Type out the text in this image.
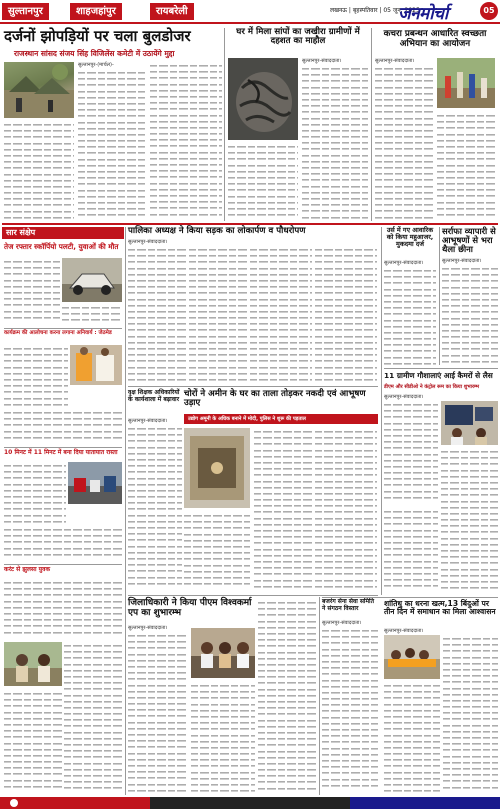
सुल्तानपुर	शाहजहांपुर	रायबरेली	लखनऊ | बृहस्पतिवार | 05 जून, 2025
जनमोर्चा	05
दर्जनों झोपड़ियों पर चला बुलडोजर
राजस्थान सांसद संजय सिंह विजिलेंस कमेटी में उठायेंगे मुद्दा
सुल्तानपुर-(मार्चल)-
घर में मिला सांपों का जखीरा ग्रामीणों में दहशत का माहौल
सुल्तानपुर-संवाददाता।
कचरा प्रबन्धन आधारित स्वच्छता अभियान का आयोजन
सुल्तानपुर-संवाददाता।
सार संक्षेप
तेज रफ्तार स्कॉर्पियो पलटी, युवाओं की मौत
कार्यक्रम की आलोचना करना लगाना अनिवार्य : जेठमेड
10 मिनट में 11 मिनट में बना दिया यातायात रास्ता
करंट से झुलसा युवक
पालिका अध्यक्ष ने किया सड़क का लोकार्पण व पौधरोपण
सुल्तानपुर-संवाददाता।
चोरों ने अमीन के घर का ताला तोड़कर नकदी एवं आभूषण उड़ाए
उद्योग अमूनी के अधिक बनाने में मोदी, पुलिस ने शुरू की पड़ताल
वृक्ष शिक्षक अधिकारियों के कार्यशाला में बढ़ावार
सुल्तानपुर-संवाददाता।
जिलाधिकारी ने किया पीएम विश्वकर्मा एप का शुभारम्भ
सुल्तानपुर-संवाददाता।
बजरंग सेना सेवा समिति ने संगठन विस्तार
सुल्तानपुर-संवाददाता।
उर्स में गए आवारिक को किया महुआजर, मुकदमा दर्ज
सुल्तानपुर-संवाददाता।
सर्राफा व्यापारी से आभूषणों से भरा थैला छीना
सुल्तानपुर-संवाददाता।
11 ग्रामीण गौशालाएं आई कैमरों से लैस
डीएम और सीडीओ ने कंट्रोल रूम का किया शुभारम्भ
सुल्तानपुर-संवाददाता।
शांतिधु का धरना खत्म,13 बिंदुओं पर तीन दिन में समाधान का मिला आश्वासन
सुल्तानपुर-संवाददाता।
